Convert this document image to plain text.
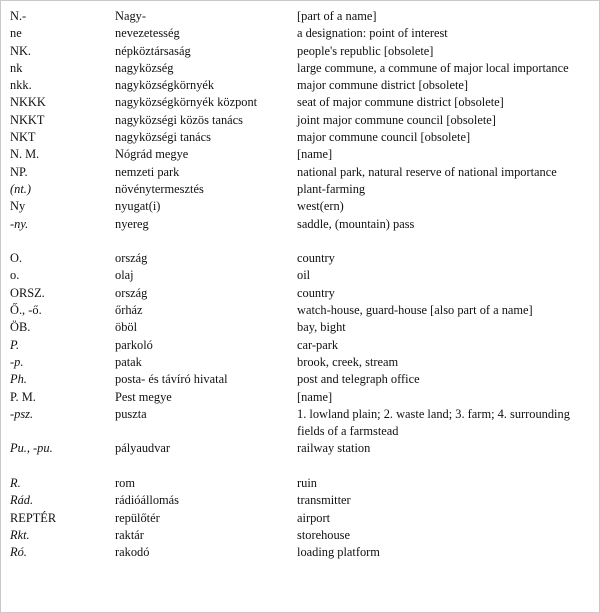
N.-	Nagy-	[part of a name]
ne	nevezetesség	a designation: point of interest
NK.	népköztársaság	people's republic [obsolete]
nk	nagyközség	large commune, a commune of major local importance
nkk.	nagyközségkörnyék	major commune district [obsolete]
NKKK	nagyközségkörnyék központ	seat of major commune district [obsolete]
NKKT	nagyközségi közös tanács	joint major commune council [obsolete]
NKT	nagyközségi tanács	major commune council [obsolete]
N. M.	Nógrád megye	[name]
NP.	nemzeti park	national park, natural reserve of national importance
(nt.)	növénytermesztés	plant-farming
Ny	nyugat(i)	west(ern)
-ny.	nyereg	saddle, (mountain) pass
O.	ország	country
o.	olaj	oil
ORSZ.	ország	country
Ő., -ő.	őrház	watch-house, guard-house [also part of a name]
ÖB.	öböl	bay, bight
P.	parkoló	car-park
-p.	patak	brook, creek, stream
Ph.	posta- és távíró hivatal	post and telegraph office
P. M.	Pest megye	[name]
-psz.	puszta	1. lowland plain; 2. waste land; 3. farm; 4. surrounding fields of a farmstead
Pu., -pu.	pályaudvar	railway station
R.	rom	ruin
Rád.	rádióállomás	transmitter
REPTÉR	repülőtér	airport
Rkt.	raktár	storehouse
Ró.	rakodó	loading platform
